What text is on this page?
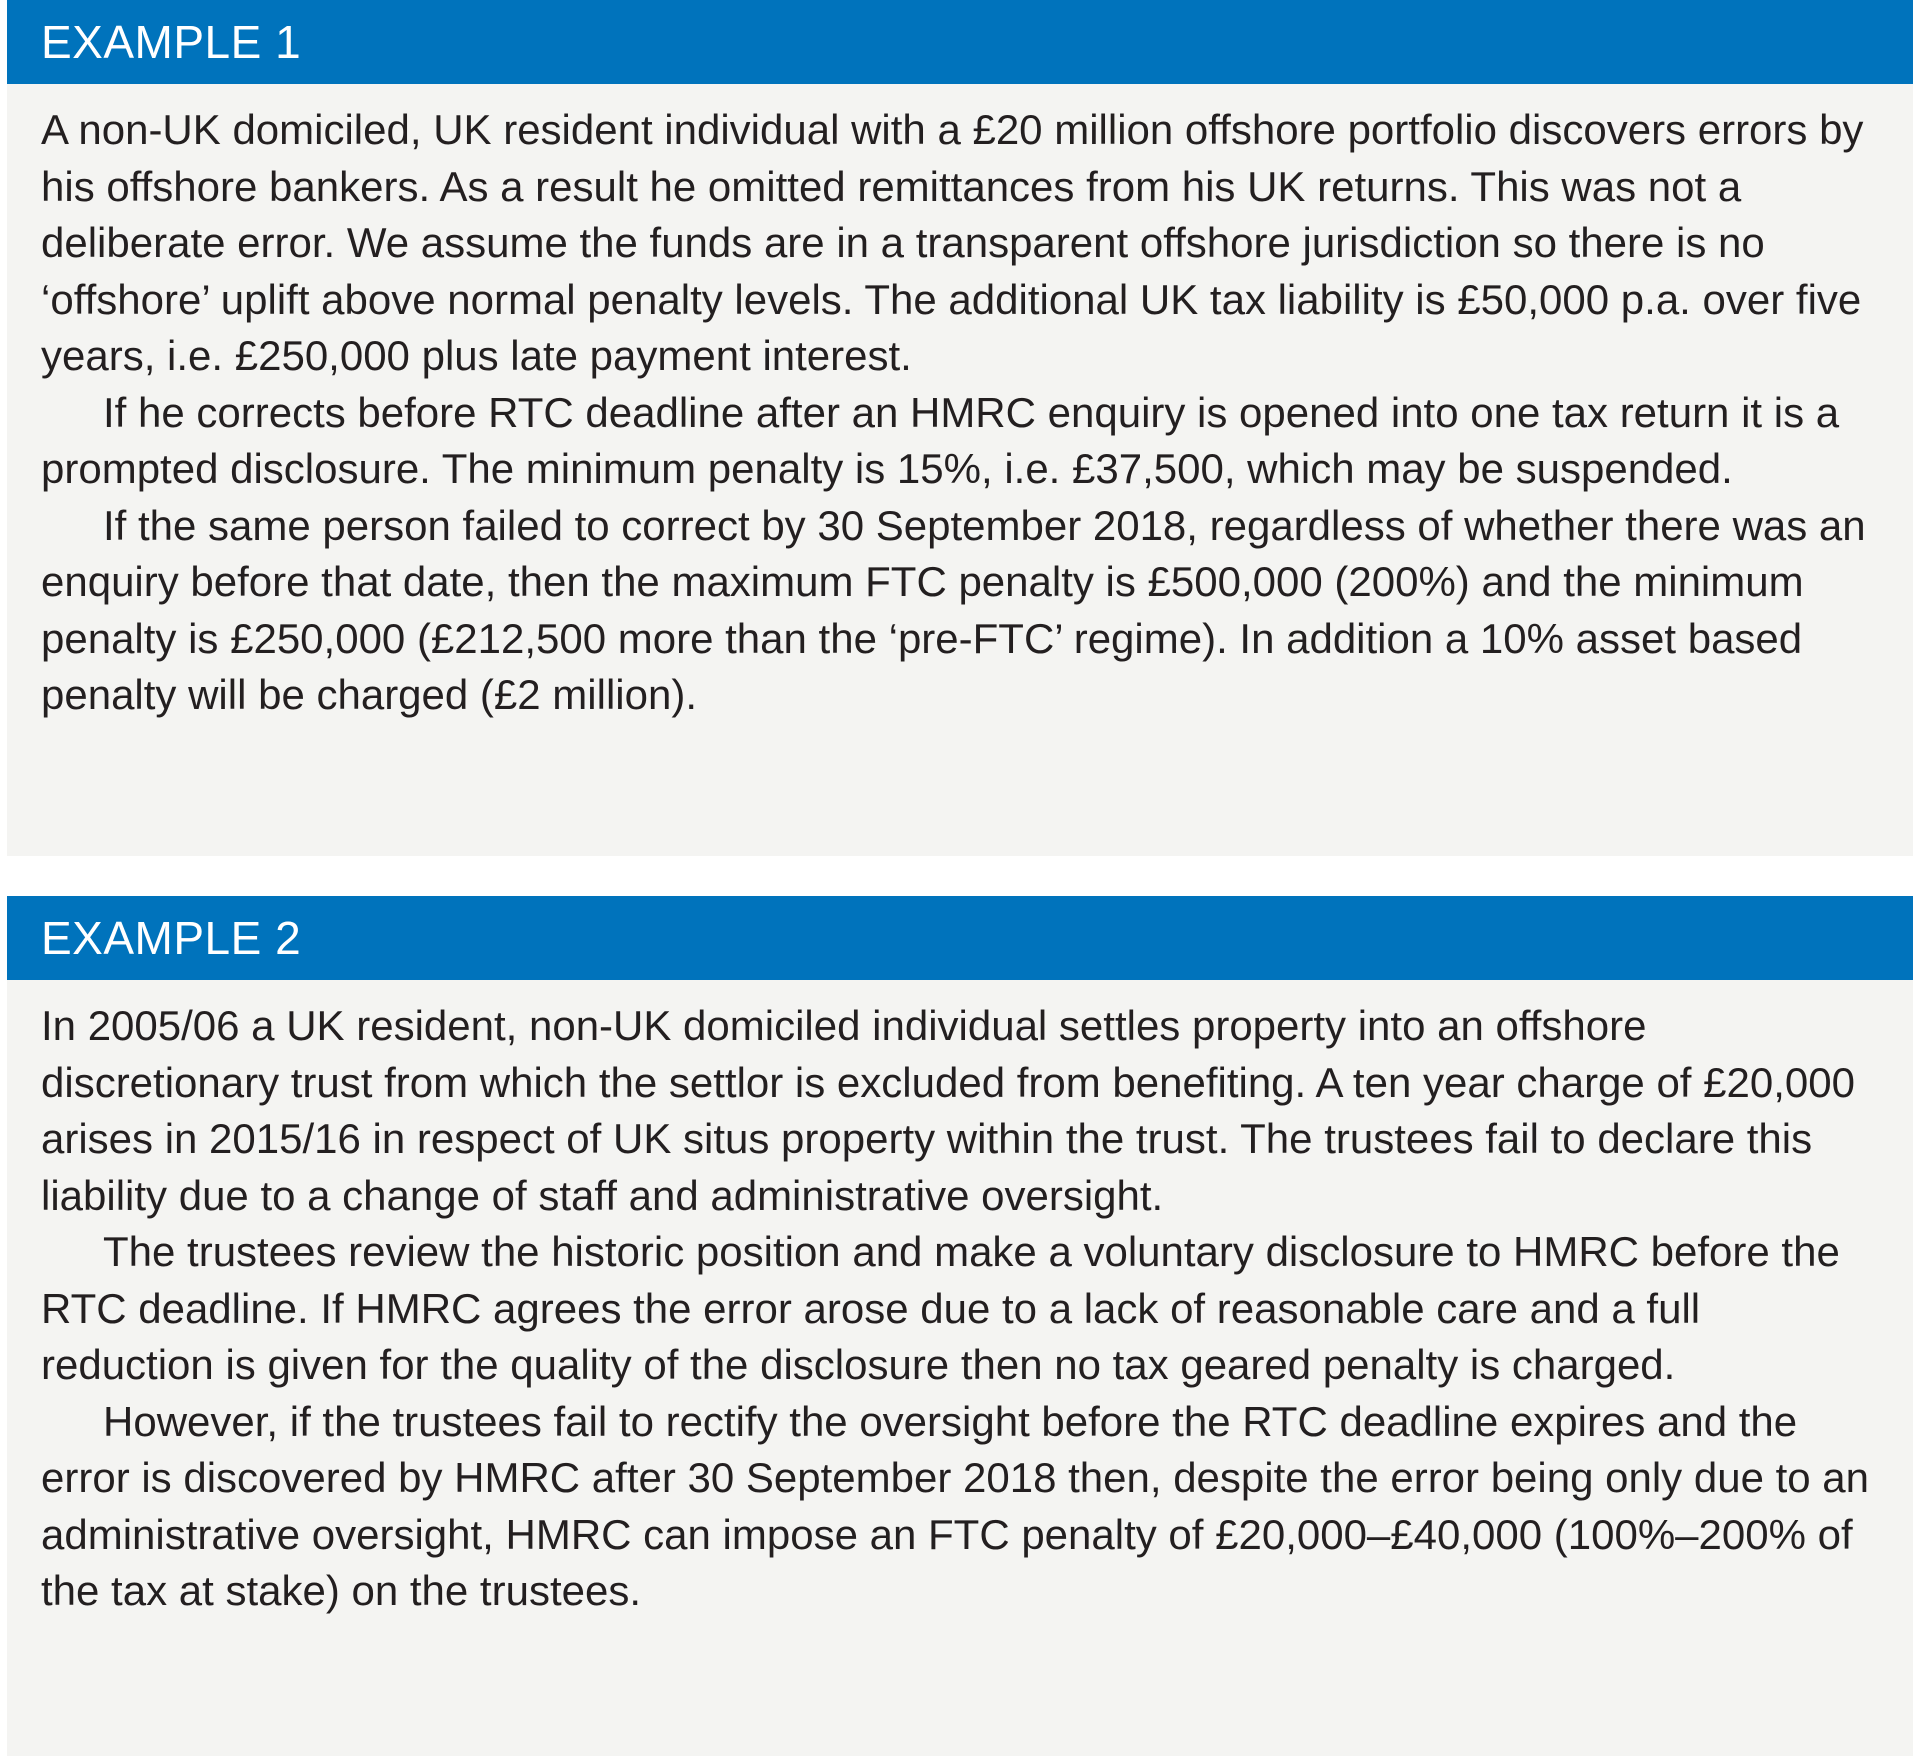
EXAMPLE 1

A non-UK domiciled, UK resident individual with a £20 million offshore portfolio discovers errors by his offshore bankers. As a result he omitted remittances from his UK returns. This was not a deliberate error. We assume the funds are in a transparent offshore jurisdiction so there is no ‘offshore’ uplift above normal penalty levels. The additional UK tax liability is £50,000 p.a. over five years, i.e. £250,000 plus late payment interest.

If he corrects before RTC deadline after an HMRC enquiry is opened into one tax return it is a prompted disclosure. The minimum penalty is 15%, i.e. £37,500, which may be suspended.

If the same person failed to correct by 30 September 2018, regardless of whether there was an enquiry before that date, then the maximum FTC penalty is £500,000 (200%) and the minimum penalty is £250,000 (£212,500 more than the ‘pre-FTC’ regime). In addition a 10% asset based penalty will be charged (£2 million).

EXAMPLE 2

In 2005/06 a UK resident, non-UK domiciled individual settles property into an offshore discretionary trust from which the settlor is excluded from benefiting. A ten year charge of £20,000 arises in 2015/16 in respect of UK situs property within the trust. The trustees fail to declare this liability due to a change of staff and administrative oversight.

The trustees review the historic position and make a voluntary disclosure to HMRC before the RTC deadline. If HMRC agrees the error arose due to a lack of reasonable care and a full reduction is given for the quality of the disclosure then no tax geared penalty is charged.

However, if the trustees fail to rectify the oversight before the RTC deadline expires and the error is discovered by HMRC after 30 September 2018 then, despite the error being only due to an administrative oversight, HMRC can impose an FTC penalty of £20,000–£40,000 (100%–200% of the tax at stake) on the trustees.
